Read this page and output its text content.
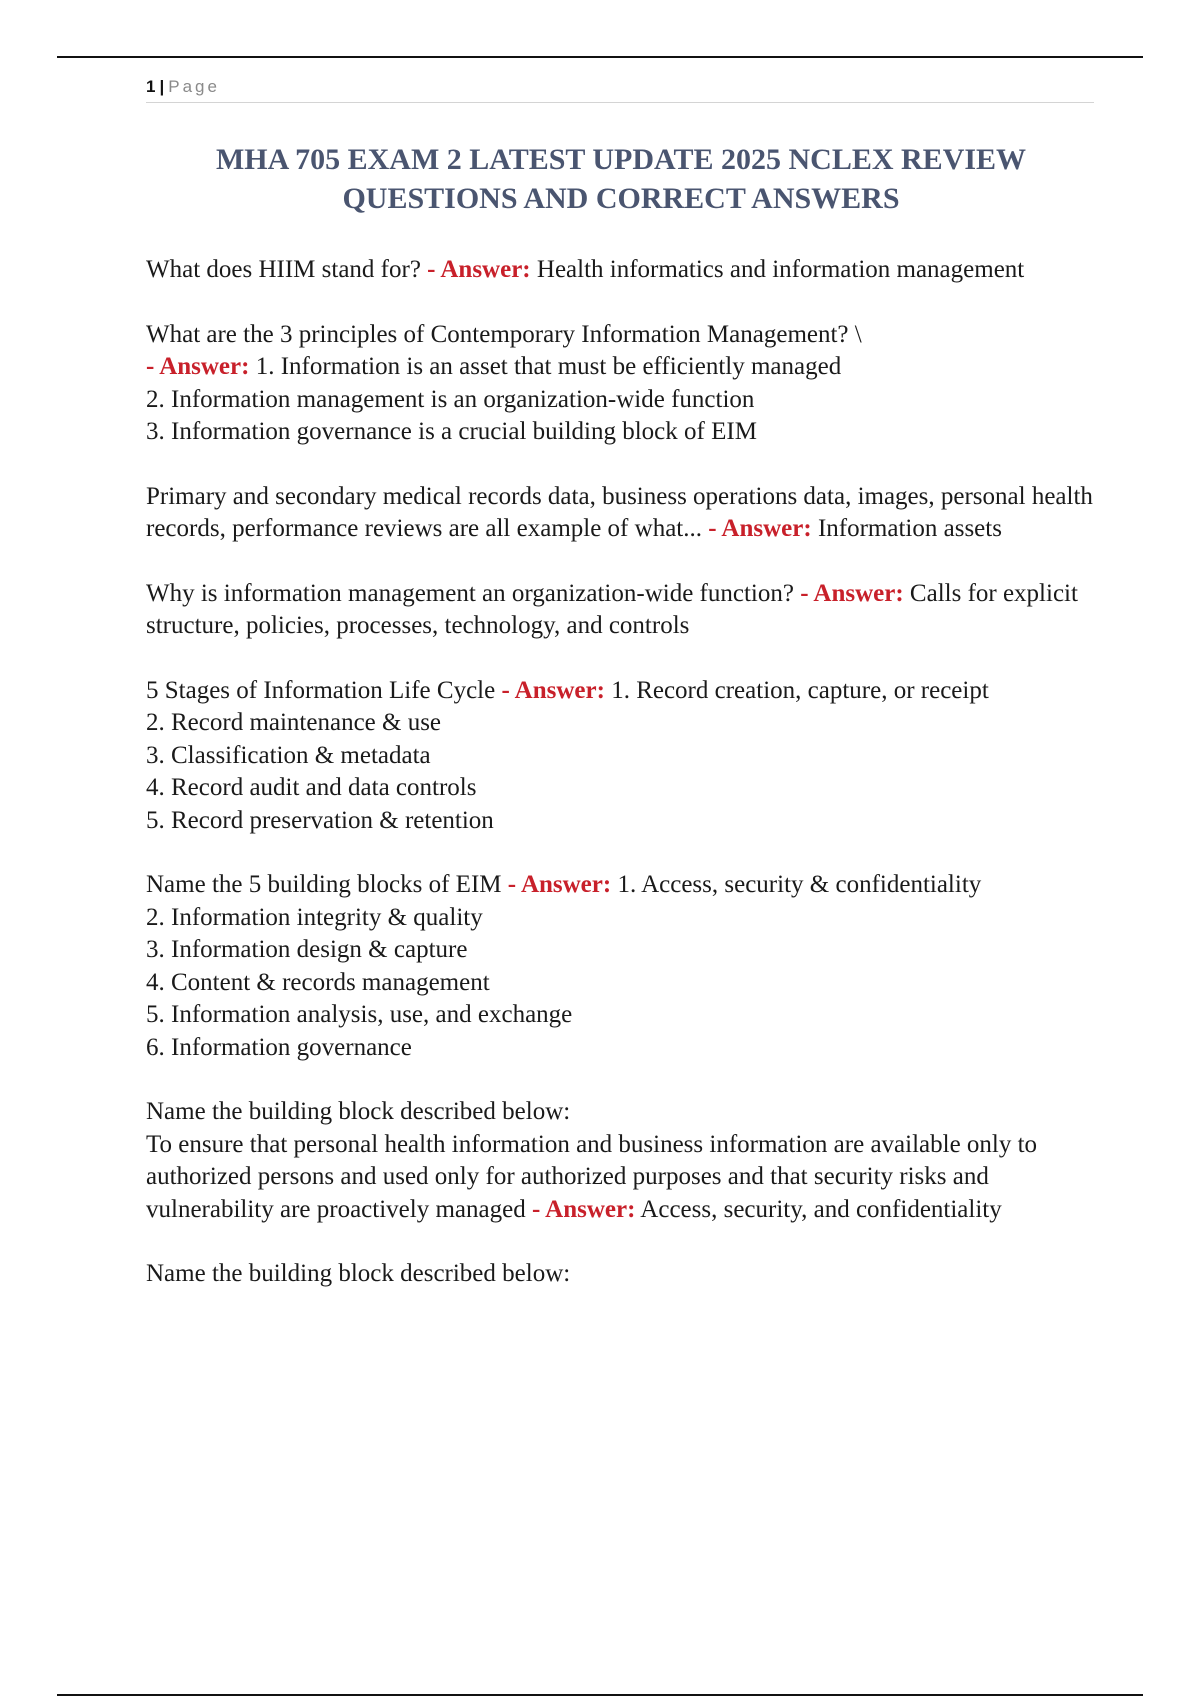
1 | Page
MHA 705 EXAM 2 LATEST UPDATE 2025 NCLEX REVIEW
QUESTIONS AND CORRECT ANSWERS

What does HIIM stand for? - Answer: Health informatics and information management

What are the 3 principles of Contemporary Information Management? \
- Answer: 1. Information is an asset that must be efficiently managed
2. Information management is an organization-wide function
3. Information governance is a crucial building block of EIM

Primary and secondary medical records data, business operations data, images, personal health records, performance reviews are all example of what... - Answer: Information assets

Why is information management an organization-wide function? - Answer: Calls for explicit structure, policies, processes, technology, and controls

5 Stages of Information Life Cycle - Answer: 1. Record creation, capture, or receipt
2. Record maintenance & use
3. Classification & metadata
4. Record audit and data controls
5. Record preservation & retention

Name the 5 building blocks of EIM - Answer: 1. Access, security & confidentiality
2. Information integrity & quality
3. Information design & capture
4. Content & records management
5. Information analysis, use, and exchange
6. Information governance

Name the building block described below:
To ensure that personal health information and business information are available only to authorized persons and used only for authorized purposes and that security risks and vulnerability are proactively managed - Answer: Access, security, and confidentiality

Name the building block described below:
